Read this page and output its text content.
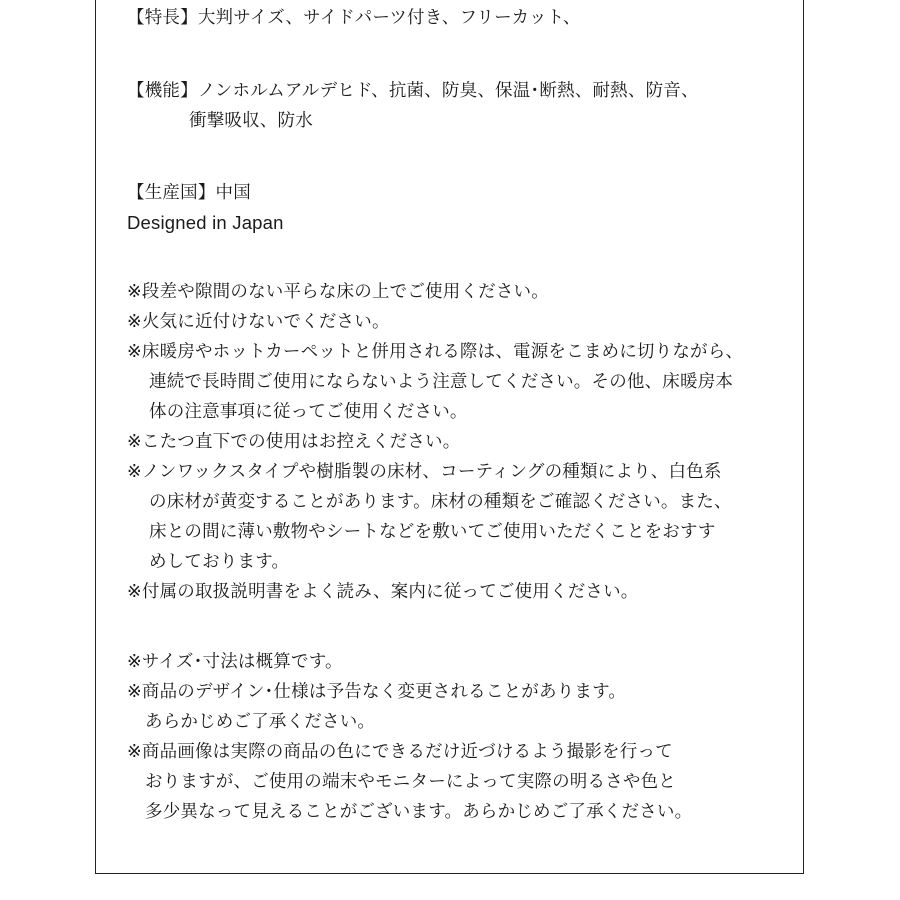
【特長】大判サイズ、サイドパーツ付き、フリーカット、
【機能】ノンホルムアルデヒド、抗菌、防臭、保温･断熱、耐熱、防音、
衝撃吸収、防水
【生産国】中国
Designed in Japan
※段差や隙間のない平らな床の上でご使用ください。
※火気に近付けないでください。
※床暖房やホットカーペットと併用される際は、電源をこまめに切りながら、
連続で長時間ご使用にならないよう注意してください。その他、床暖房本
体の注意事項に従ってご使用ください。
※こたつ直下での使用はお控えください。
※ノンワックスタイプや樹脂製の床材、コーティングの種類により、白色系
の床材が黄変することがあります。床材の種類をご確認ください。また、
床との間に薄い敷物やシートなどを敷いてご使用いただくことをおすす
めしております。
※付属の取扱説明書をよく読み、案内に従ってご使用ください。
※サイズ･寸法は概算です。
※商品のデザイン･仕様は予告なく変更されることがあります。
あらかじめご了承ください。
※商品画像は実際の商品の色にできるだけ近づけるよう撮影を行って
おりますが、ご使用の端末やモニターによって実際の明るさや色と
多少異なって見えることがございます。あらかじめご了承ください。
